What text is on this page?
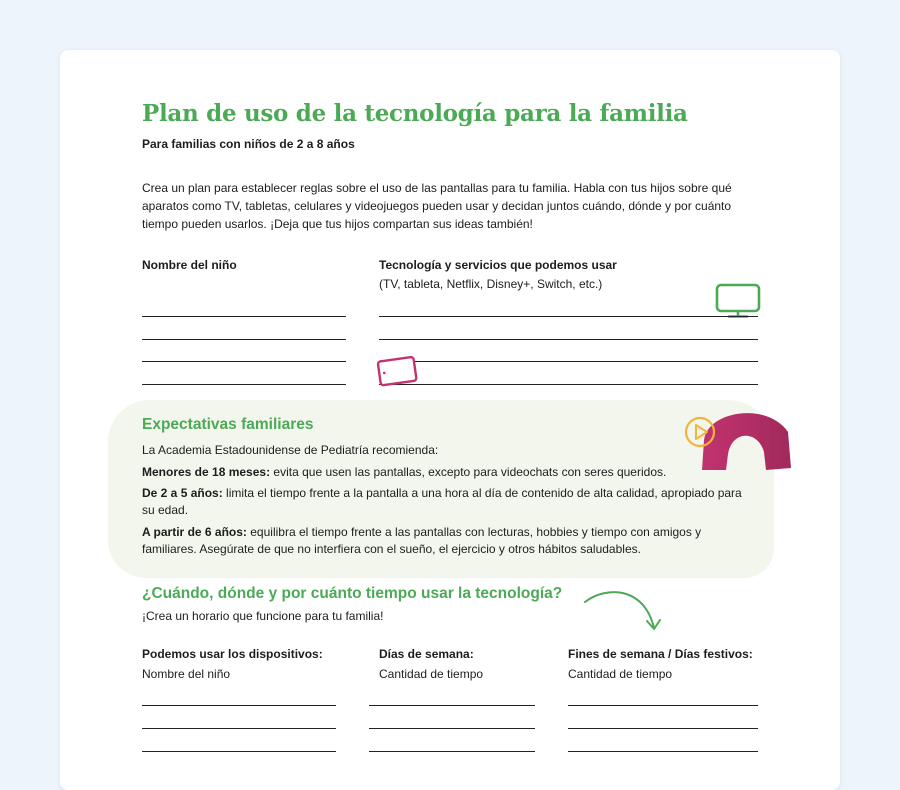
Plan de uso de la tecnología para la familia

Para familias con niños de 2 a 8 años

Crea un plan para establecer reglas sobre el uso de las pantallas para tu familia. Habla con tus hijos sobre qué aparatos como TV, tabletas, celulares y videojuegos pueden usar y decidan juntos cuándo, dónde y por cuánto tiempo pueden usarlos. ¡Deja que tus hijos compartan sus ideas también!

Nombre del niño	Tecnología y servicios que podemos usar

(TV, tableta, Netflix, Disney+, Switch, etc.)

Expectativas familiares

La Academia Estadounidense de Pediatría recomienda:

Menores de 18 meses: evita que usen las pantallas, excepto para videochats con seres queridos.

De 2 a 5 años: limita el tiempo frente a la pantalla a una hora al día de contenido de alta calidad, apropiado para su edad.

A partir de 6 años: equilibra el tiempo frente a las pantallas con lecturas, hobbies y tiempo con amigos y familiares. Asegúrate de que no interfiera con el sueño, el ejercicio y otros hábitos saludables.

¿Cuándo, dónde y por cuánto tiempo usar la tecnología?

¡Crea un horario que funcione para tu familia!

Podemos usar los dispositivos:

Nombre del niño

Días de semana:

Cantidad de tiempo

Fines de semana / Días festivos:

Cantidad de tiempo
